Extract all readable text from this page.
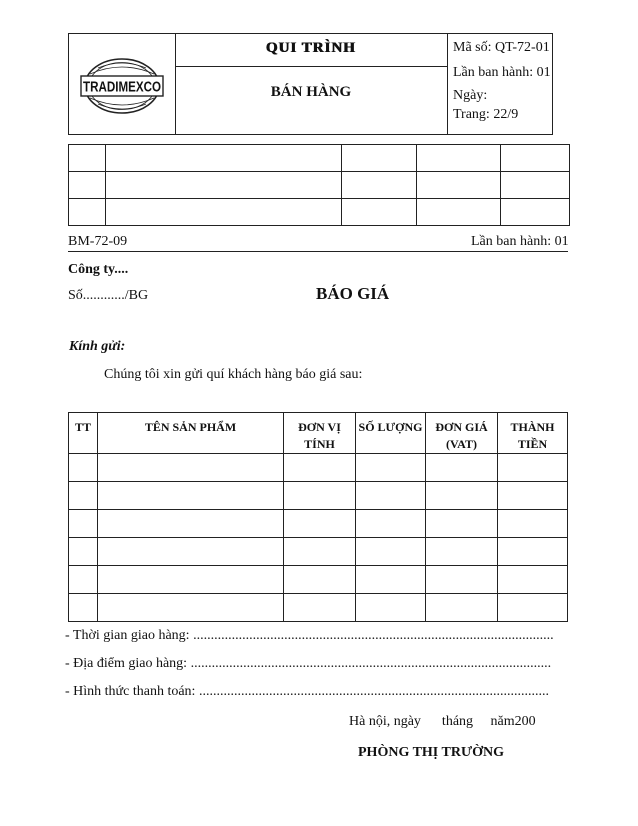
TRADIMEXCO
QUI TRÌNH
BÁN HÀNG
Mã số: QT-72-01
Lần ban hành: 01
Ngày:
Trang: 22/9

BM-72-09	Lần ban hành: 01
Công ty....
Số............/BG	BÁO GIÁ
Kính gửi:
Chúng tôi xin gửi quí khách hàng báo giá sau:
TT	TÊN SẢN PHẨM	ĐƠN VỊ TÍNH	SỐ LƯỢNG	ĐƠN GIÁ (VAT)	THÀNH TIỀN

- Thời gian giao hàng: .......................................................................................................
- Địa điểm giao hàng: .......................................................................................................
- Hình thức thanh toán: ....................................................................................................
Hà nội, ngày      tháng     năm200
PHÒNG THỊ TRƯỜNG
